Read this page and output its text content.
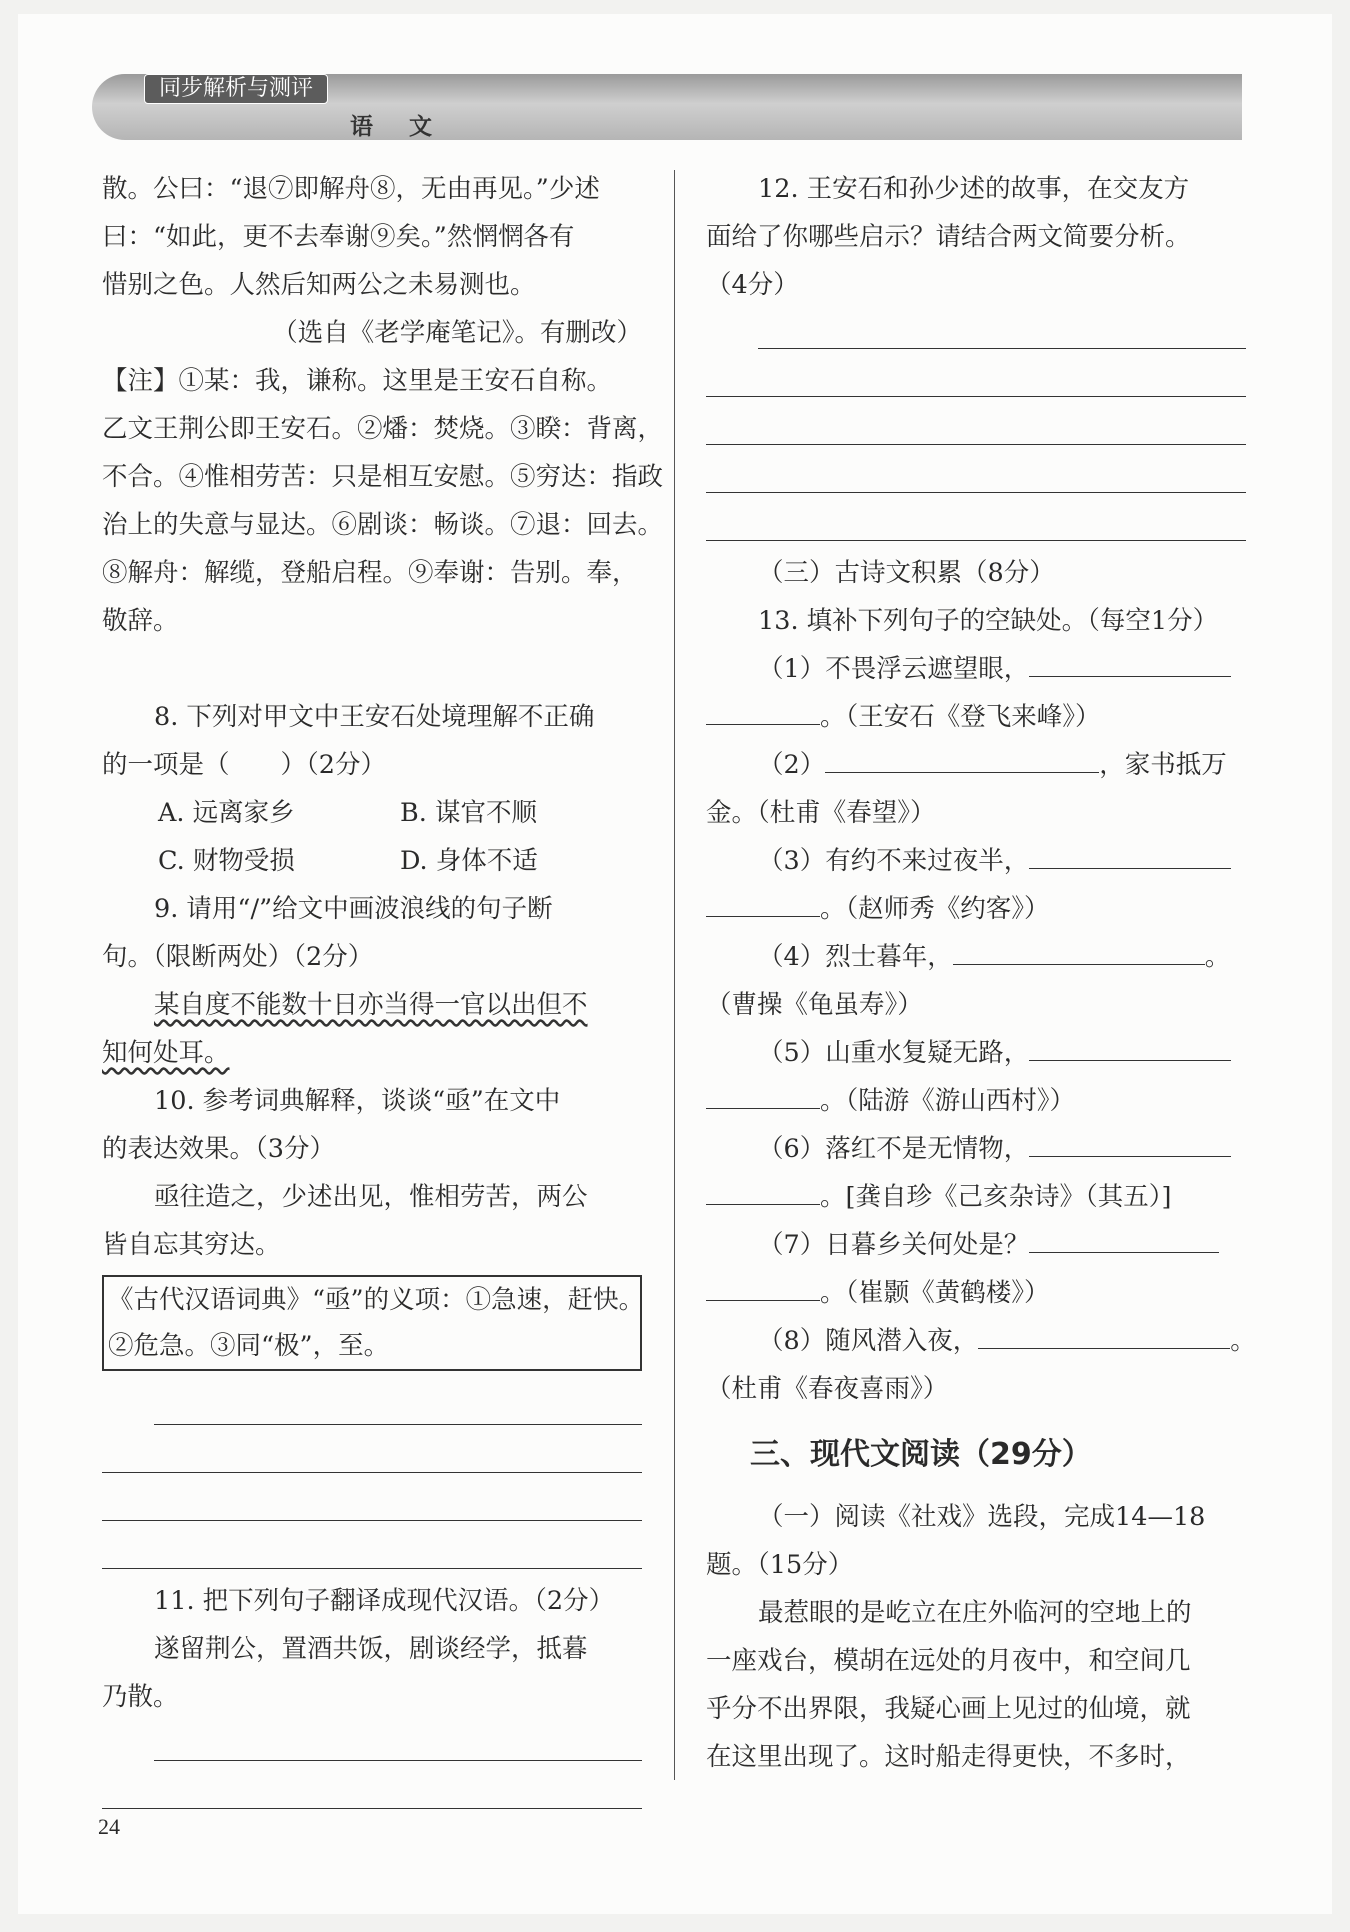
同步解析与测评
语 文

散。公曰：“退⑦即解舟⑧，无由再见。”少述

曰：“如此，更不去奉谢⑨矣。”然惘惘各有

惜别之色。人然后知两公之未易测也。

（选自《老学庵笔记》。有删改）

【注】①某：我，谦称。这里是王安石自称。

乙文王荆公即王安石。②燔：焚烧。③睽：背离，

不合。④惟相劳苦：只是相互安慰。⑤穷达：指政

治上的失意与显达。⑥剧谈：畅谈。⑦退：回去。

⑧解舟：解缆，登船启程。⑨奉谢：告别。奉，

敬辞。

8. 下列对甲文中王安石处境理解不正确

的一项是（　　）（2分）

A. 远离家乡	B. 谋官不顺

C. 财物受损	D. 身体不适

9. 请用“/”给文中画波浪线的句子断

句。（限断两处）（2分）

某自度不能数十日亦当得一官以出但不

知何处耳。

10. 参考词典解释，谈谈“亟”在文中

的表达效果。（3分）

亟往造之，少述出见，惟相劳苦，两公

皆自忘其穷达。

《古代汉语词典》“亟”的义项：①急速，赶快。

②危急。③同“极”，至。

11. 把下列句子翻译成现代汉语。（2分）

遂留荆公，置酒共饭，剧谈经学，抵暮

乃散。

12. 王安石和孙少述的故事，在交友方

面给了你哪些启示？请结合两文简要分析。

（4分）

（三）古诗文积累（8分）

13. 填补下列句子的空缺处。（每空1分）

（1）不畏浮云遮望眼，

。（王安石《登飞来峰》）

（2）	，家书抵万

金。（杜甫《春望》）

（3）有约不来过夜半，

。（赵师秀《约客》）

（4）烈士暮年，	。

（曹操《龟虽寿》）

（5）山重水复疑无路，

。（陆游《游山西村》）

（6）落红不是无情物，

。[龚自珍《己亥杂诗》（其五）]

（7）日暮乡关何处是？

。（崔颢《黄鹤楼》）

（8）随风潜入夜，	。

（杜甫《春夜喜雨》）

三、现代文阅读（29分）

（一）阅读《社戏》选段，完成14—18

题。（15分）

最惹眼的是屹立在庄外临河的空地上的

一座戏台，模胡在远处的月夜中，和空间几

乎分不出界限，我疑心画上见过的仙境，就

在这里出现了。这时船走得更快，不多时，

24
